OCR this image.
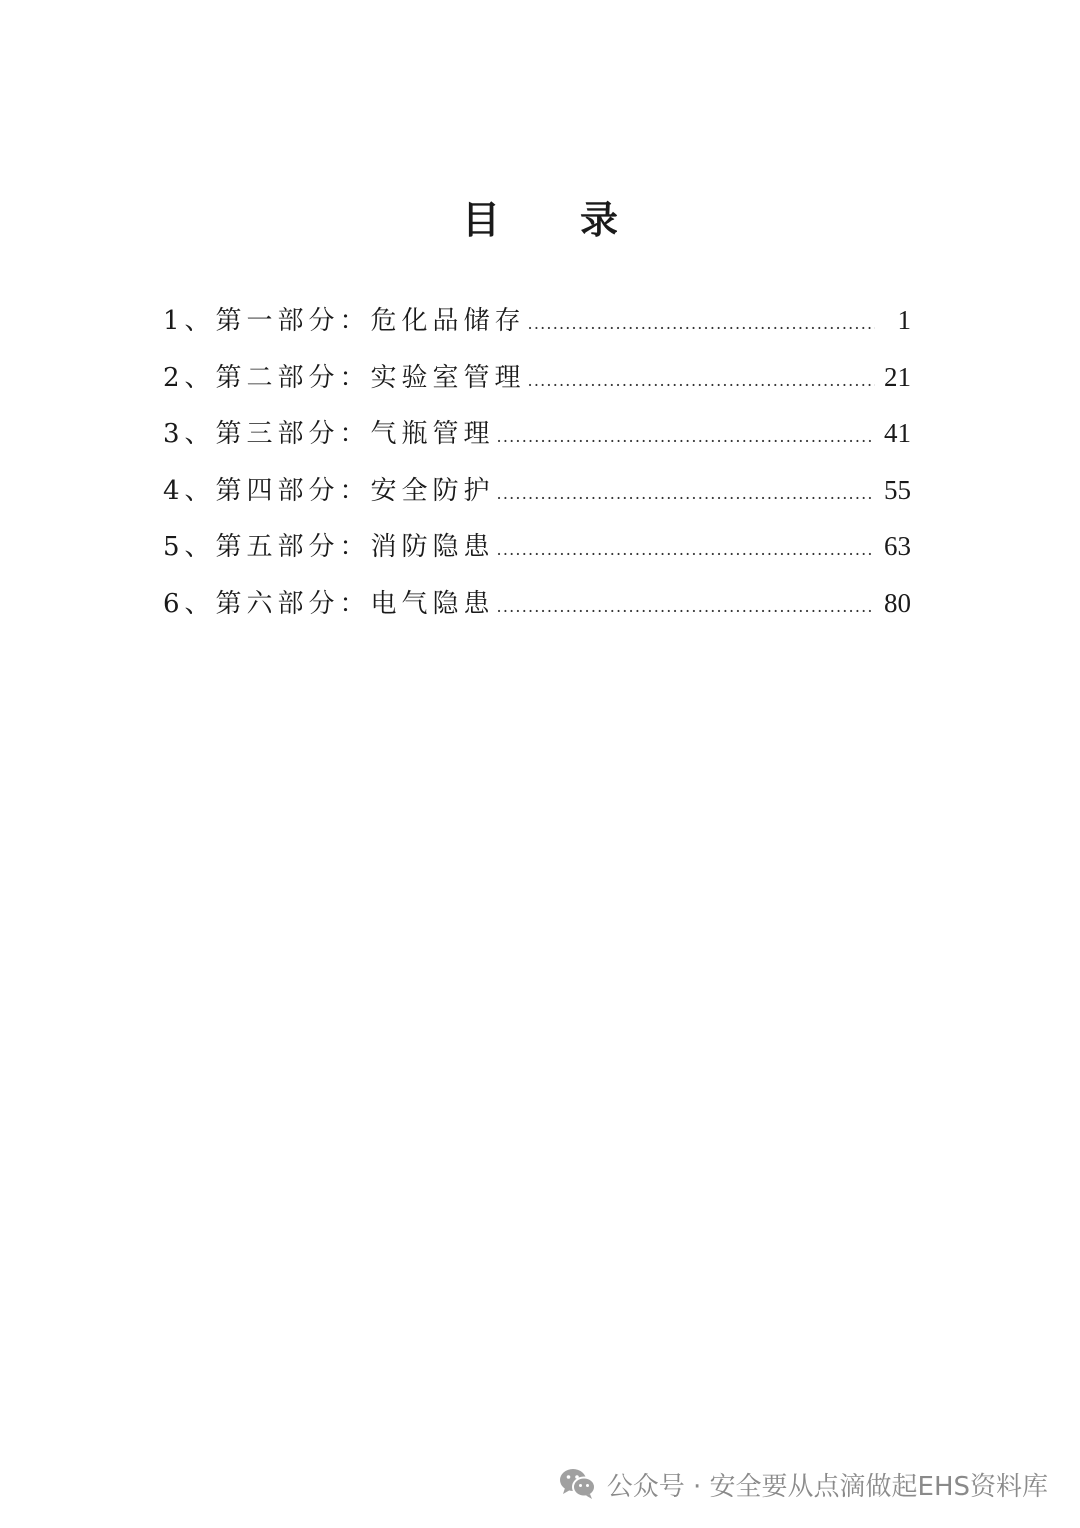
目 录
1、第一部分：危化品储存 .....	1
2、第二部分：实验室管理 .....	21
3、第三部分：气瓶管理 .....	41
4、第四部分：安全防护 .....	55
5、第五部分：消防隐患 .....	63
6、第六部分：电气隐患 .....	80
公众号 · 安全要从点滴做起EHS资料库
